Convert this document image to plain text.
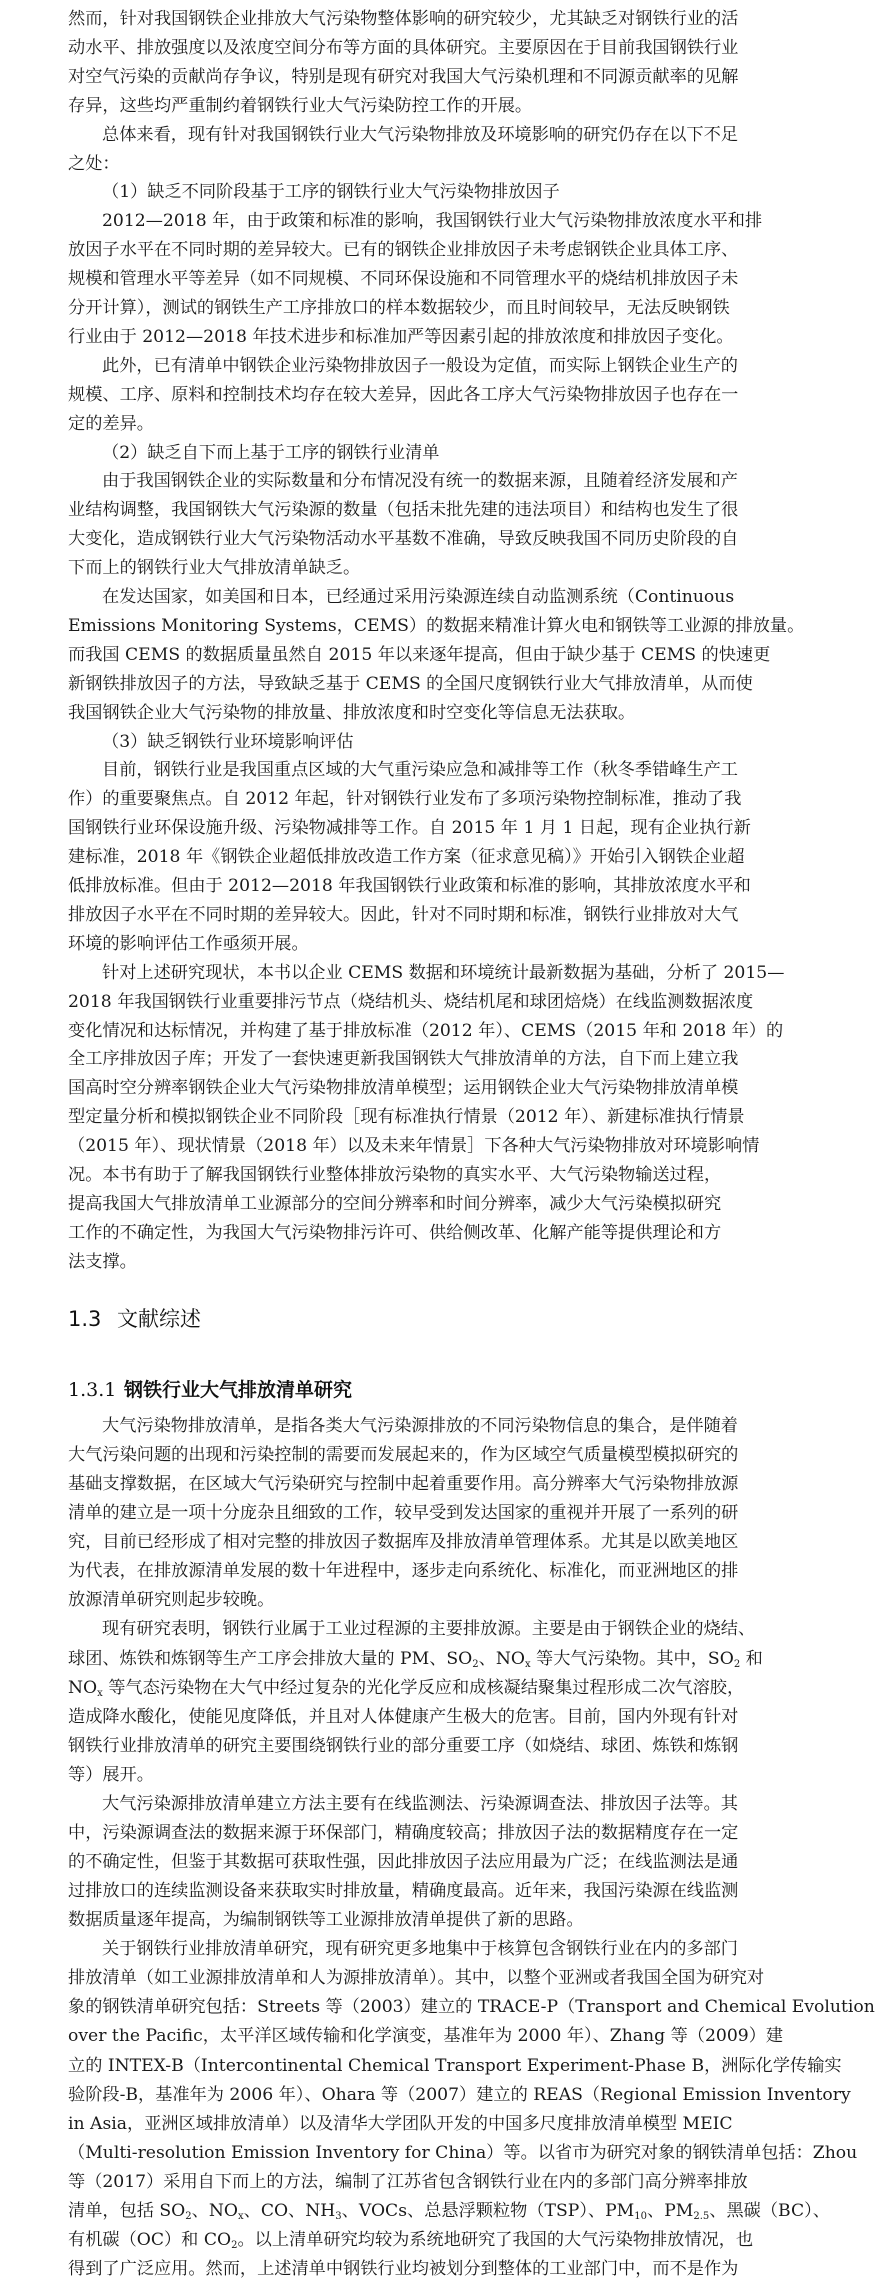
然而，针对我国钢铁企业排放大气污染物整体影响的研究较少，尤其缺乏对钢铁行业的活
动水平、排放强度以及浓度空间分布等方面的具体研究。主要原因在于目前我国钢铁行业
对空气污染的贡献尚存争议，特别是现有研究对我国大气污染机理和不同源贡献率的见解
存异，这些均严重制约着钢铁行业大气污染防控工作的开展。
总体来看，现有针对我国钢铁行业大气污染物排放及环境影响的研究仍存在以下不足
之处：
（1）缺乏不同阶段基于工序的钢铁行业大气污染物排放因子
2012—2018 年，由于政策和标准的影响，我国钢铁行业大气污染物排放浓度水平和排
放因子水平在不同时期的差异较大。已有的钢铁企业排放因子未考虑钢铁企业具体工序、
规模和管理水平等差异（如不同规模、不同环保设施和不同管理水平的烧结机排放因子未
分开计算），测试的钢铁生产工序排放口的样本数据较少，而且时间较早，无法反映钢铁
行业由于 2012—2018 年技术进步和标准加严等因素引起的排放浓度和排放因子变化。
此外，已有清单中钢铁企业污染物排放因子一般设为定值，而实际上钢铁企业生产的
规模、工序、原料和控制技术均存在较大差异，因此各工序大气污染物排放因子也存在一
定的差异。
（2）缺乏自下而上基于工序的钢铁行业清单
由于我国钢铁企业的实际数量和分布情况没有统一的数据来源，且随着经济发展和产
业结构调整，我国钢铁大气污染源的数量（包括未批先建的违法项目）和结构也发生了很
大变化，造成钢铁行业大气污染物活动水平基数不准确，导致反映我国不同历史阶段的自
下而上的钢铁行业大气排放清单缺乏。
在发达国家，如美国和日本，已经通过采用污染源连续自动监测系统（Continuous
Emissions Monitoring Systems，CEMS）的数据来精准计算火电和钢铁等工业源的排放量。
而我国 CEMS 的数据质量虽然自 2015 年以来逐年提高，但由于缺少基于 CEMS 的快速更
新钢铁排放因子的方法，导致缺乏基于 CEMS 的全国尺度钢铁行业大气排放清单，从而使
我国钢铁企业大气污染物的排放量、排放浓度和时空变化等信息无法获取。
（3）缺乏钢铁行业环境影响评估
目前，钢铁行业是我国重点区域的大气重污染应急和减排等工作（秋冬季错峰生产工
作）的重要聚焦点。自 2012 年起，针对钢铁行业发布了多项污染物控制标准，推动了我
国钢铁行业环保设施升级、污染物减排等工作。自 2015 年 1 月 1 日起，现有企业执行新
建标准，2018 年《钢铁企业超低排放改造工作方案（征求意见稿）》开始引入钢铁企业超
低排放标准。但由于 2012—2018 年我国钢铁行业政策和标准的影响，其排放浓度水平和
排放因子水平在不同时期的差异较大。因此，针对不同时期和标准，钢铁行业排放对大气
环境的影响评估工作亟须开展。
针对上述研究现状，本书以企业 CEMS 数据和环境统计最新数据为基础，分析了 2015—
2018 年我国钢铁行业重要排污节点（烧结机头、烧结机尾和球团焙烧）在线监测数据浓度
变化情况和达标情况，并构建了基于排放标准（2012 年）、CEMS（2015 年和 2018 年）的
全工序排放因子库；开发了一套快速更新我国钢铁大气排放清单的方法，自下而上建立我
国高时空分辨率钢铁企业大气污染物排放清单模型；运用钢铁企业大气污染物排放清单模
型定量分析和模拟钢铁企业不同阶段［现有标准执行情景（2012 年）、新建标准执行情景
（2015 年）、现状情景（2018 年）以及未来年情景］下各种大气污染物排放对环境影响情
况。本书有助于了解我国钢铁行业整体排放污染物的真实水平、大气污染物输送过程，
提高我国大气排放清单工业源部分的空间分辨率和时间分辨率，减少大气污染模拟研究
工作的不确定性，为我国大气污染物排污许可、供给侧改革、化解产能等提供理论和方
法支撑。
1.3 文献综述
1.3.1 钢铁行业大气排放清单研究
大气污染物排放清单，是指各类大气污染源排放的不同污染物信息的集合，是伴随着
大气污染问题的出现和污染控制的需要而发展起来的，作为区域空气质量模型模拟研究的
基础支撑数据，在区域大气污染研究与控制中起着重要作用。高分辨率大气污染物排放源
清单的建立是一项十分庞杂且细致的工作，较早受到发达国家的重视并开展了一系列的研
究，目前已经形成了相对完整的排放因子数据库及排放清单管理体系。尤其是以欧美地区
为代表，在排放源清单发展的数十年进程中，逐步走向系统化、标准化，而亚洲地区的排
放源清单研究则起步较晚。
现有研究表明，钢铁行业属于工业过程源的主要排放源。主要是由于钢铁企业的烧结、
球团、炼铁和炼钢等生产工序会排放大量的 PM、$SO_2$、$NO_x$ 等大气污染物。其中，$SO_2$ 和
$NO_x$ 等气态污染物在大气中经过复杂的光化学反应和成核凝结聚集过程形成二次气溶胶，
造成降水酸化，使能见度降低，并且对人体健康产生极大的危害。目前，国内外现有针对
钢铁行业排放清单的研究主要围绕钢铁行业的部分重要工序（如烧结、球团、炼铁和炼钢
等）展开。
大气污染源排放清单建立方法主要有在线监测法、污染源调查法、排放因子法等。其
中，污染源调查法的数据来源于环保部门，精确度较高；排放因子法的数据精度存在一定
的不确定性，但鉴于其数据可获取性强，因此排放因子法应用最为广泛；在线监测法是通
过排放口的连续监测设备来获取实时排放量，精确度最高。近年来，我国污染源在线监测
数据质量逐年提高，为编制钢铁等工业源排放清单提供了新的思路。
关于钢铁行业排放清单研究，现有研究更多地集中于核算包含钢铁行业在内的多部门
排放清单（如工业源排放清单和人为源排放清单）。其中，以整个亚洲或者我国全国为研究对
象的钢铁清单研究包括：Streets 等（2003）建立的 TRACE-P（Transport and Chemical Evolution
over the Pacific，太平洋区域传输和化学演变，基准年为 2000 年）、Zhang 等（2009）建
立的 INTEX-B（Intercontinental Chemical Transport Experiment-Phase B，洲际化学传输实
验阶段-B，基准年为 2006 年）、Ohara 等（2007）建立的 REAS（Regional Emission Inventory
in Asia，亚洲区域排放清单）以及清华大学团队开发的中国多尺度排放清单模型 MEIC
（Multi-resolution Emission Inventory for China）等。以省市为研究对象的钢铁清单包括：Zhou
等（2017）采用自下而上的方法，编制了江苏省包含钢铁行业在内的多部门高分辨率排放
清单，包括 $SO_2$、$NO_x$、CO、$NH_3$、VOCs、总悬浮颗粒物（TSP）、$PM_{10}$、$PM_{2.5}$、黑碳（BC）、
有机碳（OC）和 $CO_2$。以上清单研究均较为系统地研究了我国的大气污染物排放情况，也
得到了广泛应用。然而，上述清单中钢铁行业均被划分到整体的工业部门中，而不是作为
